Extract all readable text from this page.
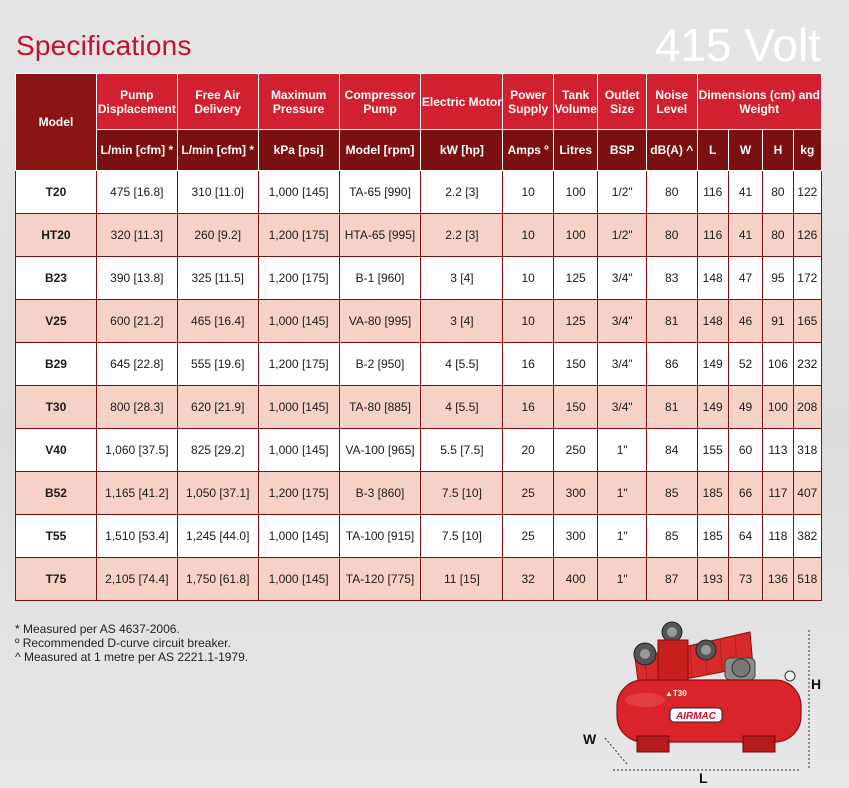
Specifications	415 Volt
Model	Pump Displacement	Free Air Delivery	Maximum Pressure	Compressor Pump	Electric Motor	Power Supply	Tank Volume	Outlet Size	Noise Level	Dimensions (cm) and Weight			
	L/min [cfm] *	L/min [cfm] *	kPa [psi]	Model [rpm]	kW [hp]	Amps º	Litres	BSP	dB(A) ^	L	W	H	kg
T20	475 [16.8]	310 [11.0]	1,000 [145]	TA-65 [990]	2.2 [3]	10	100	1/2"	80	116	41	80	122
HT20	320 [11.3]	260 [9.2]	1,200 [175]	HTA-65 [995]	2.2 [3]	10	100	1/2"	80	116	41	80	126
B23	390 [13.8]	325 [11.5]	1,200 [175]	B-1 [960]	3 [4]	10	125	3/4"	83	148	47	95	172
V25	600 [21.2]	465 [16.4]	1,000 [145]	VA-80 [995]	3 [4]	10	125	3/4"	81	148	46	91	165
B29	645 [22.8]	555 [19.6]	1,200 [175]	B-2 [950]	4 [5.5]	16	150	3/4"	86	149	52	106	232
T30	800 [28.3]	620 [21.9]	1,000 [145]	TA-80 [885]	4 [5.5]	16	150	3/4"	81	149	49	100	208
V40	1,060 [37.5]	825 [29.2]	1,000 [145]	VA-100 [965]	5.5 [7.5]	20	250	1"	84	155	60	113	318
B52	1,165 [41.2]	1,050 [37.1]	1,200 [175]	B-3 [860]	7.5 [10]	25	300	1"	85	185	66	117	407
T55	1,510 [53.4]	1,245 [44.0]	1,000 [145]	TA-100 [915]	7.5 [10]	25	300	1"	85	185	64	118	382
T75	2,105 [74.4]	1,750 [61.8]	1,000 [145]	TA-120 [775]	11 [15]	32	400	1"	87	193	73	136	518
* Measured per AS 4637-2006.
º Recommended D-curve circuit breaker.
^ Measured at 1 metre per AS 2221.1-1979.
AIRMAC
▲T30
H
W
L
